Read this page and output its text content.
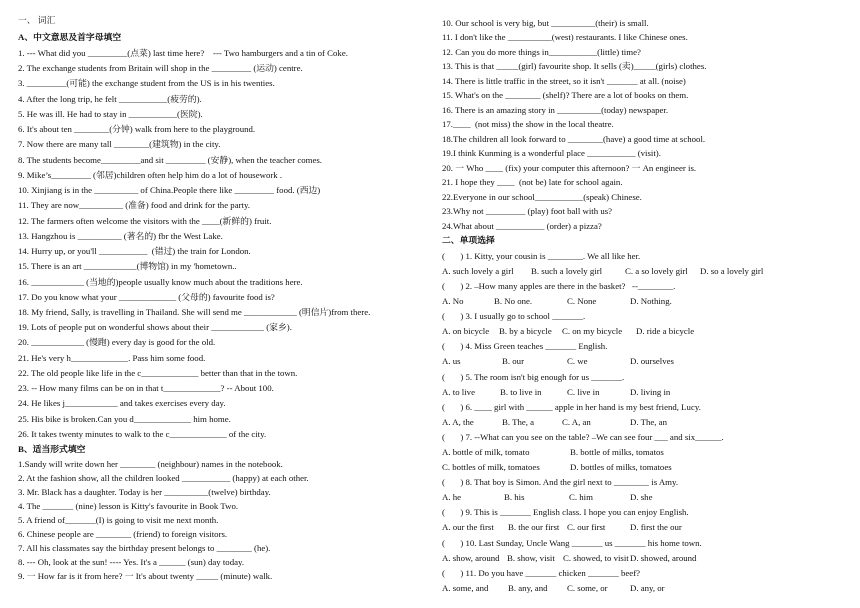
一、 词汇
A、中文意思及首字母填空
1. --- What did you _________(点菜) last time here?    --- Two hamburgers and a tin of Coke.
2. The exchange students from Britain will shop in the _________ (运动) centre.
3. _________(可能) the exchange student from the US is in his twenties.
4. After the long trip, he felt ___________(疲劳的).
5. He was ill. He had to stay in ___________(医院).
6. It's about ten ________(分钟) walk from here to the playground.
7. Now there are many tall ________(建筑物) in the city.
8. The students become_________and sit _________ (安静), when the teacher comes.
9. Mike’s_________ (邻居)children often help him do a lot of housework .
10. Xinjiang is in the __________ of China.People there like _________ food. (西边)
11. They are now__________ (准备) food and drink for the party.
12. The farmers often welcome the visitors with the ____(新鲜的) fruit.
13. Hangzhou is __________ (著名的) fbr the West Lake.
14. Hurry up, or you'll ___________  (错过) the train for London.
15. There is an art ____________(博物馆) in my 'hometown..
16. ____________ (当地的)people usually know much about the traditions here.
17. Do you know what your _____________ (父母的) favourite food is?
18. My friend, Sally, is travelling in Thailand. She will send me ____________ (明信片)from there.
19. Lots of people put on wonderful shows about their ____________ (家乡).
20. ____________ (慢跑) every day is good for the old.
21. He's very h_____________. Pass him some food.
22. The old people like life in the c_____________ better than that in the town.
23. -- How many films can be on in that t_____________? -- About 100.
24. He likes j____________ and takes exercises every day.
25. His bike is broken.Can you d_____________ him home.
26. It takes twenty minutes to walk to the c_____________ of the city.
B、适当形式填空
1.Sandy will write down her ________ (neighbour) names in the notebook.
2. At the fashion show, all the children looked ___________ (happy) at each other.
3. Mr. Black has a daughter. Today is her __________(twelve) birthday.
4. The _______ (nine) lesson is Kitty's favourite in Book Two.
5. A friend of_______(I) is going to visit me next month.
6. Chinese people are ________ (friend) to foreign visitors.
7. All his classmates say the birthday present belongs to ________ (he).
8. --- Oh, look at the sun! ---- Yes. It's a ______ (sun) day today.
9. 一 How far is it from here? 一 It's about twenty _____ (minute) walk.
10. Our school is very big, but __________(their) is small.
11. I don't like the __________(west) restaurants. I like Chinese ones.
12. Can you do more things in___________(little) time?
13. This is that _____(girl) favourite shop. It sells (卖)_____(girls) clothes.
14. There is little traffic in the street, so it isn't _______ at all. (noise)
15. What's on the ________ (shelf)? There are a lot of books on them.
16. There is an amazing story in __________(today) newspaper.
17.____  (not miss) the show in the local theatre.
18.The children all look forward to ________(have) a good time at school.
19.I think Kunming is a wonderful place ___________ (visit).
20. 一 Who ____ (fix) your computer this afternoon? 一 An engineer is.
21. I hope they ____  (not be) late for school again.
22.Everyone in our school___________(speak) Chinese.
23.Why not _________ (play) foot ball with us?
24.What about ___________ (order) a pizza?
二、单项选择
(       ) 1. Kitty, your cousin is ________. We all like her.
A. such lovely a girl B. such a lovely girl	C. a so lovely girl D. so a lovely girl
(       ) 2. –How many apples are there in the basket?   --________.
A. No	B. No one.	C. None	D. Nothing.
(       ) 3. I usually go to school _______.
A. on bicycle B. by a bicycle C. on my bicycle D. ride a bicycle
(       ) 4. Miss Green teaches _______ English.
A. us	B. our	C. we	D. ourselves
(       ) 5. The room isn't big enough for us _______.
A. to live	B. to live in	C. live in	D. living in
(       ) 6. ____ girl with ______ apple in her hand is my best friend, Lucy.
A. A, the	B. The, a	C. A, an	D. The, an
(       ) 7. --What can you see on the table? –We can see four ___ and six______.
A. bottle of milk, tomato	B. bottle of milks, tomatos
C. bottles of milk, tomatoes	D. bottles of milks, tomatoes
(       ) 8. That boy is Simon. And the girl next to ________ is Amy.
A. he	B. his	C. him	D. she
(       ) 9. This is _______ English class. I hope you can enjoy English.
A. our the first B. the our first C. our first	D. first the our
(       ) 10. Last Sunday, Uncle Wang _______ us _______ his home town.
A. show, around B. show, visit C. showed, to visit D. showed, around
(       ) 11. Do you have _______ chicken _______ beef?
A. some, and B. any, and C. some, or	D. any, or
